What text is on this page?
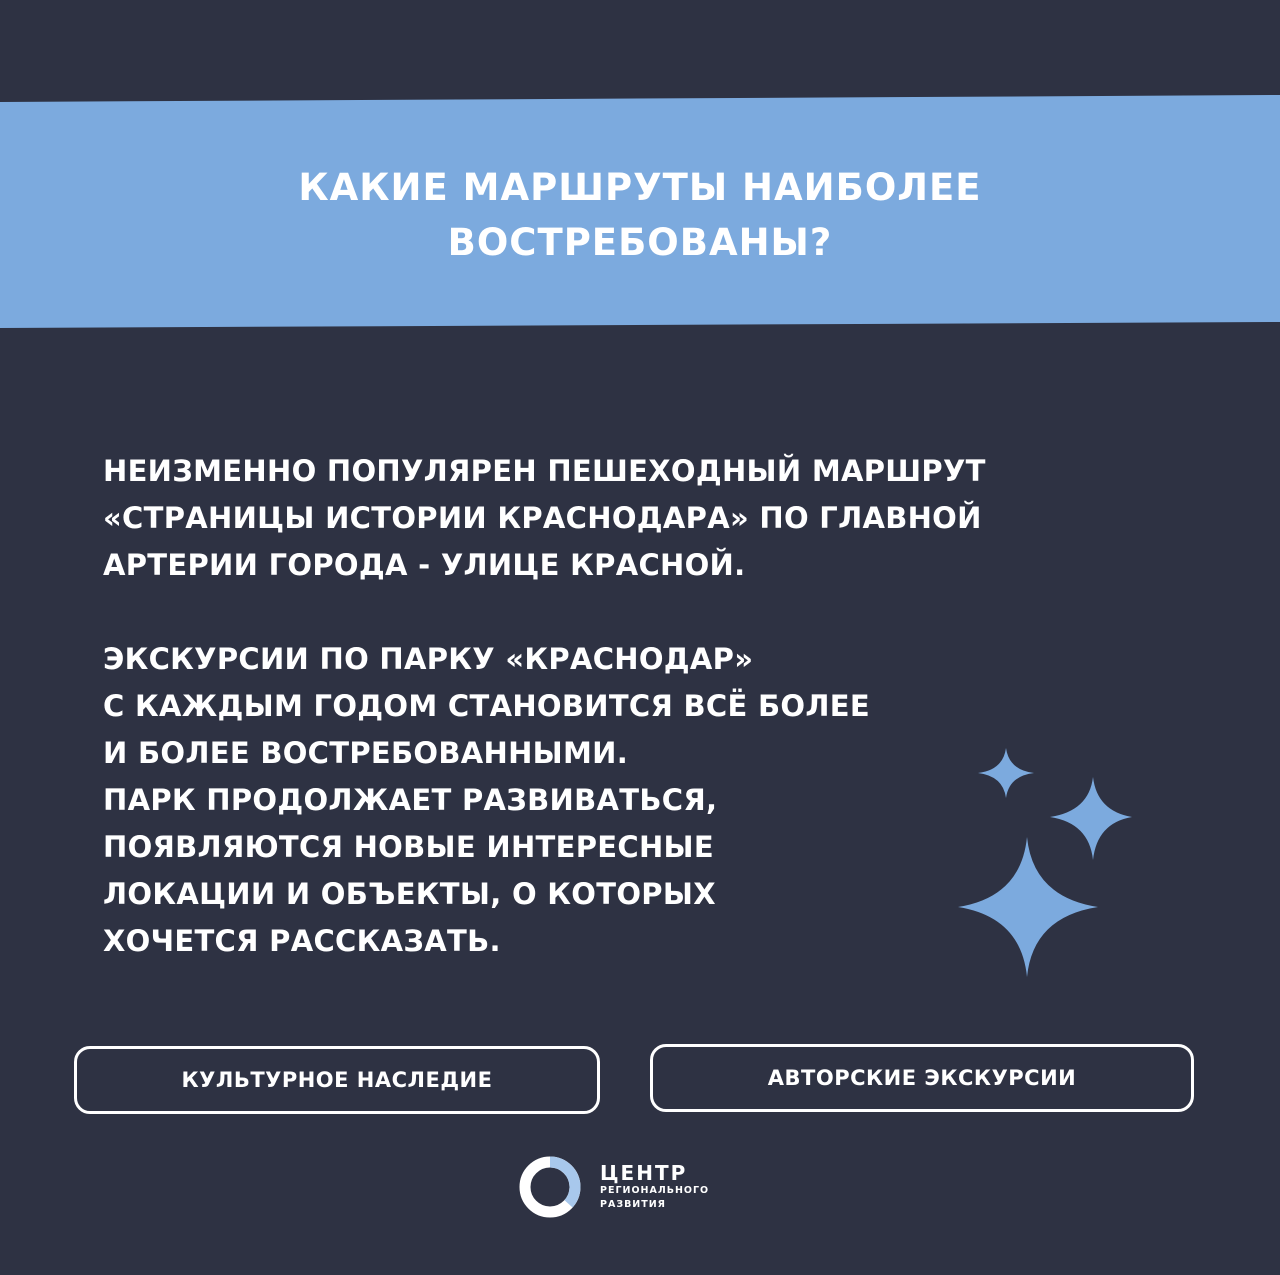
КАКИЕ МАРШРУТЫ НАИБОЛЕЕ
ВОСТРЕБОВАНЫ?
НЕИЗМЕННО ПОПУЛЯРЕН ПЕШЕХОДНЫЙ МАРШРУТ
«СТРАНИЦЫ ИСТОРИИ КРАСНОДАРА» ПО ГЛАВНОЙ
АРТЕРИИ ГОРОДА - УЛИЦЕ КРАСНОЙ.
ЭКСКУРСИИ ПО ПАРКУ «КРАСНОДАР»
С КАЖДЫМ ГОДОМ СТАНОВИТСЯ ВСЁ БОЛЕЕ
И БОЛЕЕ ВОСТРЕБОВАННЫМИ.
ПАРК ПРОДОЛЖАЕТ РАЗВИВАТЬСЯ,
ПОЯВЛЯЮТСЯ НОВЫЕ ИНТЕРЕСНЫЕ
ЛОКАЦИИ И ОБЪЕКТЫ, О КОТОРЫХ
ХОЧЕТСЯ РАССКАЗАТЬ.
КУЛЬТУРНОЕ НАСЛЕДИЕ	АВТОРСКИЕ ЭКСКУРСИИ
ЦЕНТР
РЕГИОНАЛЬНОГО
РАЗВИТИЯ
